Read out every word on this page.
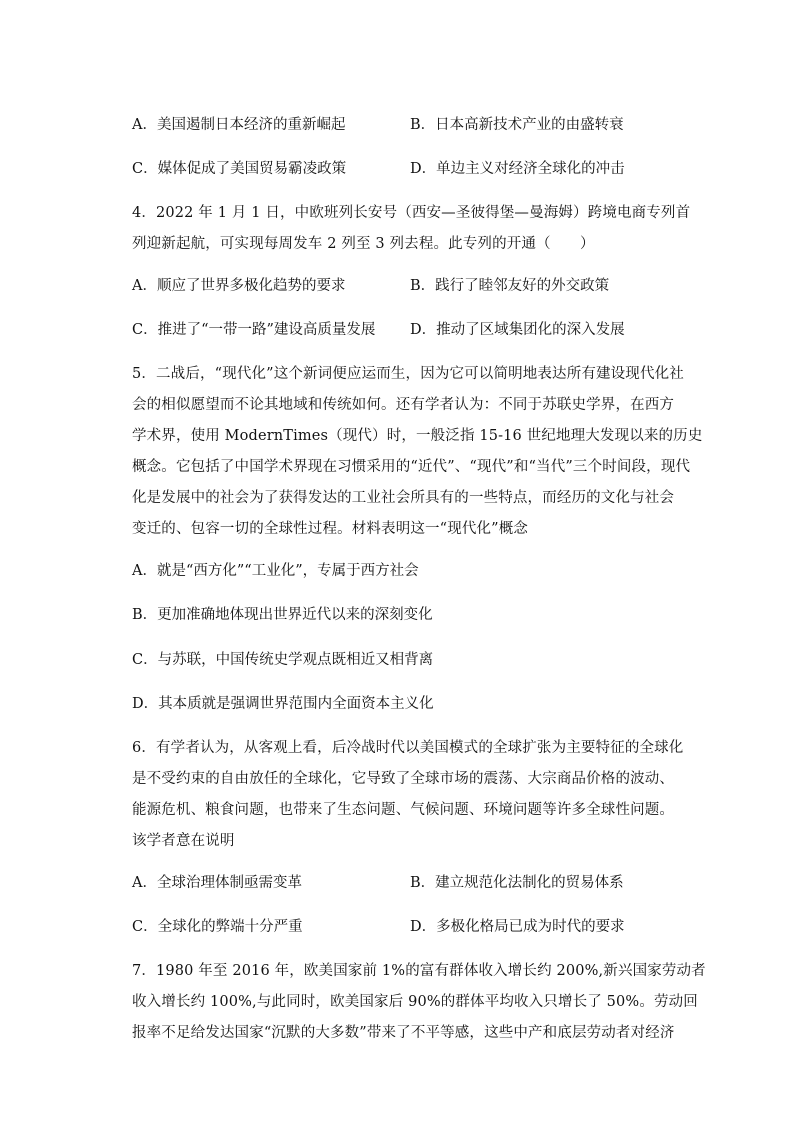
A．美国遏制日本经济的重新崛起	B．日本高新技术产业的由盛转衰
C．媒体促成了美国贸易霸凌政策	D．单边主义对经济全球化的冲击

4．2022 年 1 月 1 日，中欧班列长安号（西安—圣彼得堡—曼海姆）跨境电商专列首
列迎新起航，可实现每周发车 2 列至 3 列去程。此专列的开通（　　）

A．顺应了世界多极化趋势的要求	B．践行了睦邻友好的外交政策
C．推进了“一带一路”建设高质量发展	D．推动了区域集团化的深入发展

5．二战后，“现代化”这个新词便应运而生，因为它可以简明地表达所有建设现代化社
会的相似愿望而不论其地域和传统如何。还有学者认为：不同于苏联史学界，在西方
学术界，使用 ModernTimes（现代）时，一般泛指 15-16 世纪地理大发现以来的历史
概念。它包括了中国学术界现在习惯采用的“近代”、“现代”和“当代”三个时间段，现代
化是发展中的社会为了获得发达的工业社会所具有的一些特点，而经历的文化与社会
变迁的、包容一切的全球性过程。材料表明这一“现代化”概念

A．就是“西方化”“工业化”，专属于西方社会
B．更加准确地体现出世界近代以来的深刻变化
C．与苏联，中国传统史学观点既相近又相背离
D．其本质就是强调世界范围内全面资本主义化

6．有学者认为，从客观上看，后冷战时代以美国模式的全球扩张为主要特征的全球化
是不受约束的自由放任的全球化，它导致了全球市场的震荡、大宗商品价格的波动、
能源危机、粮食问题，也带来了生态问题、气候问题、环境问题等许多全球性问题。
该学者意在说明

A．全球治理体制亟需变革	B．建立规范化法制化的贸易体系
C．全球化的弊端十分严重	D．多极化格局已成为时代的要求

7．1980 年至 2016 年，欧美国家前 1%的富有群体收入增长约 200%,新兴国家劳动者
收入增长约 100%,与此同时，欧美国家后 90%的群体平均收入只增长了 50%。劳动回
报率不足给发达国家“沉默的大多数”带来了不平等感，这些中产和底层劳动者对经济
